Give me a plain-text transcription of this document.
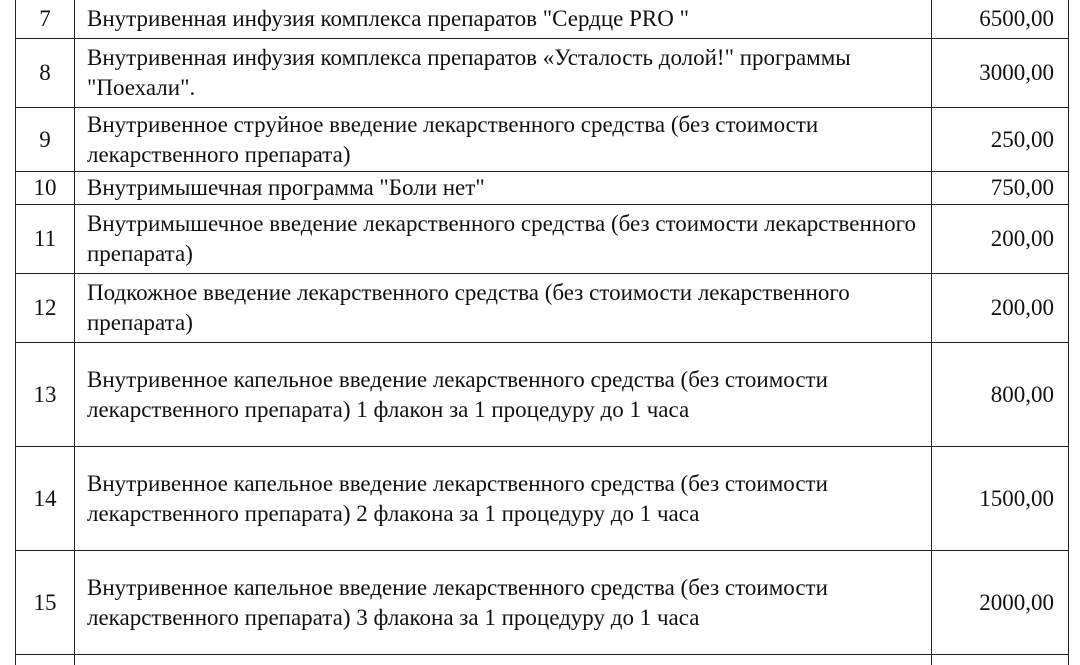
7	Внутривенная инфузия комплекса препаратов "Сердце PRO "	6500,00
8	Внутривенная инфузия комплекса препаратов «Усталость долой!" программы "Поехали".	3000,00
9	Внутривенное струйное введение лекарственного средства (без стоимости лекарственного препарата)	250,00
10	Внутримышечная программа "Боли нет"	750,00
11	Внутримышечное введение лекарственного средства (без стоимости лекарственного препарата)	200,00
12	Подкожное введение лекарственного средства (без стоимости лекарственного препарата)	200,00
13	Внутривенное капельное введение лекарственного средства (без стоимости лекарственного препарата) 1 флакон за 1 процедуру до 1 часа	800,00
14	Внутривенное капельное введение лекарственного средства (без стоимости лекарственного препарата) 2 флакона за 1 процедуру до 1 часа	1500,00
15	Внутривенное капельное введение лекарственного средства (без стоимости лекарственного препарата) 3 флакона за 1 процедуру до 1 часа	2000,00
